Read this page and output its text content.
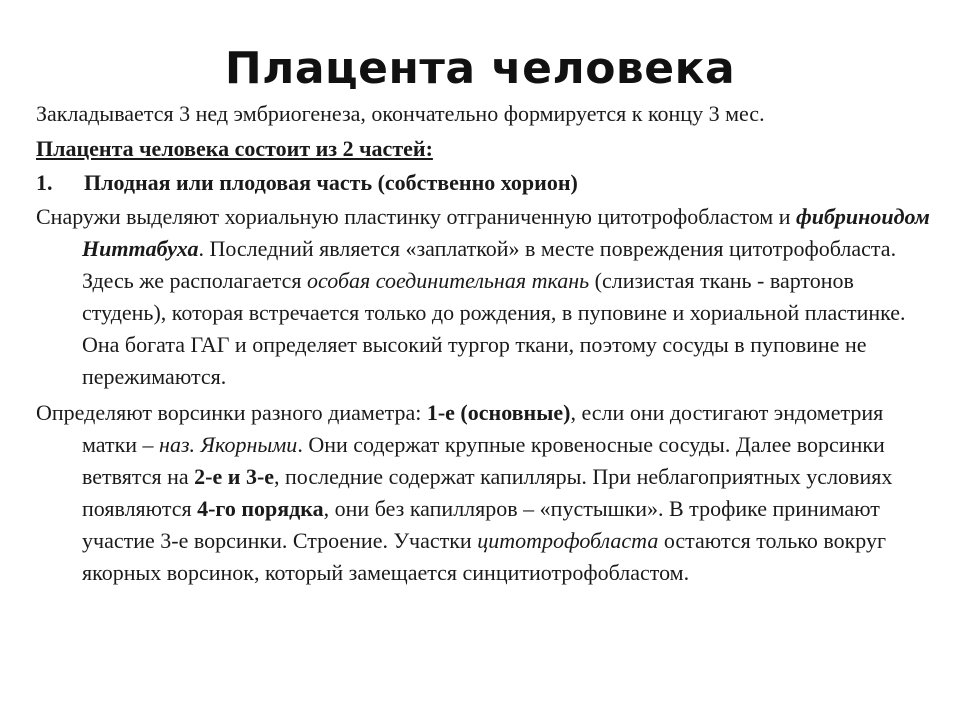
Плацента человека

Закладывается 3 нед эмбриогенеза, окончательно формируется к концу 3 мес.

Плацента человека состоит из 2 частей:

1.	Плодная или плодовая часть (собственно хорион)

Снаружи выделяют хориальную пластинку отграниченную цитотрофобластом и фибриноидом Ниттабуха. Последний является «заплаткой» в месте повреждения цитотрофобласта. Здесь же располагается особая соединительная ткань (слизистая ткань - вартонов студень), которая встречается только до рождения, в пуповине и хориальной пластинке. Она богата ГАГ и определяет высокий тургор ткани, поэтому сосуды в пуповине не пережимаются.

Определяют ворсинки разного диаметра: 1-е (основные), если они достигают эндометрия матки – наз. Якорными. Они содержат крупные кровеносные сосуды. Далее ворсинки ветвятся на 2-е и 3-е, последние содержат капилляры. При неблагоприятных условиях появляются 4-го порядка, они без капилляров – «пустышки». В трофике принимают участие 3-е ворсинки. Строение. Участки цитотрофобласта остаются только вокруг якорных ворсинок, который замещается синцитиотрофобластом.
